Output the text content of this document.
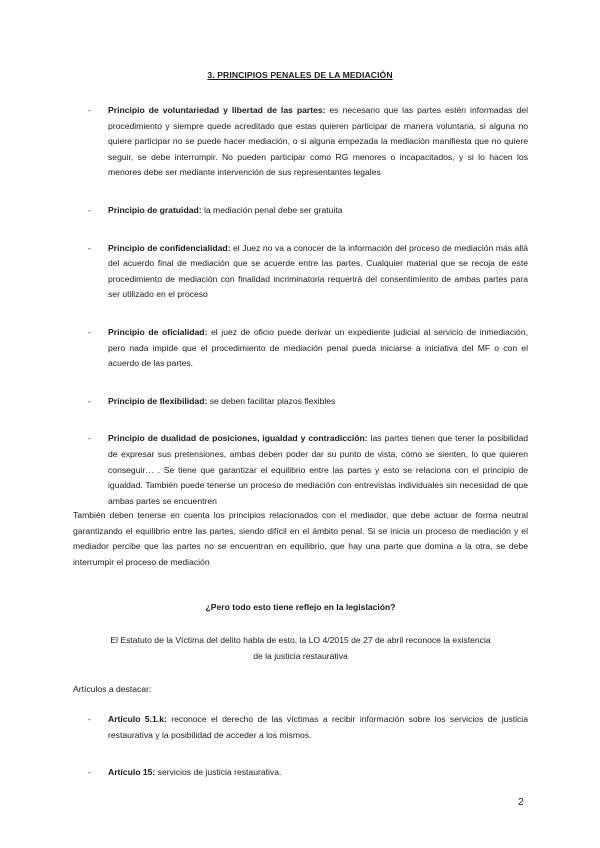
3. PRINCIPIOS PENALES DE LA MEDIACIÓN
- Principio de voluntariedad y libertad de las partes: es necesario que las partes estén informadas del procedimiento y siempre quede acreditado que estas quieren participar de manera voluntaria, si alguna no quiere participar no se puede hacer mediación, o si alguna empezada la mediación manifiesta que no quiere seguir, se debe interrumpir. No pueden participar como RG menores o incapacitados, y si lo hacen los menores debe ser mediante intervención de sus representantes legales
- Principio de gratuidad: la mediación penal debe ser gratuita
- Principio de confidencialidad: el Juez no va a conocer de la información del proceso de mediación más allá del acuerdo final de mediación que se acuerde entre las partes. Cualquier material que se recoja de este procedimiento de mediación con finalidad incriminatoria requerirá del consentimiento de ambas partes para ser utilizado en el proceso
- Principio de oficialidad: el juez de oficio puede derivar un expediente judicial al servicio de inmediación, pero nada impide que el procedimiento de mediación penal pueda iniciarse a iniciativa del MF o con el acuerdo de las partes.
- Principio de flexibilidad: se deben facilitar plazos flexibles
- Principio de dualidad de posiciones, igualdad y contradicción: las partes tienen que tener la posibilidad de expresar sus pretensiones, ambas deben poder dar su punto de vista, cómo se sienten, lo que quieren conseguir… . Se tiene que garantizar el equilibrio entre las partes y esto se relaciona con el principio de igualdad. También puede tenerse un proceso de mediación con entrevistas individuales sin necesidad de que ambas partes se encuentren
También deben tenerse en cuenta los principios relacionados con el mediador, que debe actuar de forma neutral garantizando el equilibrio entre las partes, siendo difícil en el ámbito penal. Si se inicia un proceso de mediación y el mediador percibe que las partes no se encuentran en equilibrio, que hay una parte que domina a la otra, se debe interrumpir el proceso de mediación
¿Pero todo esto tiene reflejo en la legislación?
El Estatuto de la Víctima del delito habla de esto, la LO 4/2015 de 27 de abril reconoce la existencia
de la justicia restaurativa
Artículos a destacar:
- Artículo 5.1.k: reconoce el derecho de las víctimas a recibir información sobre los servicios de justicia restaurativa y la posibilidad de acceder a los mismos.
- Artículo 15: servicios de justicia restaurativa.
2
